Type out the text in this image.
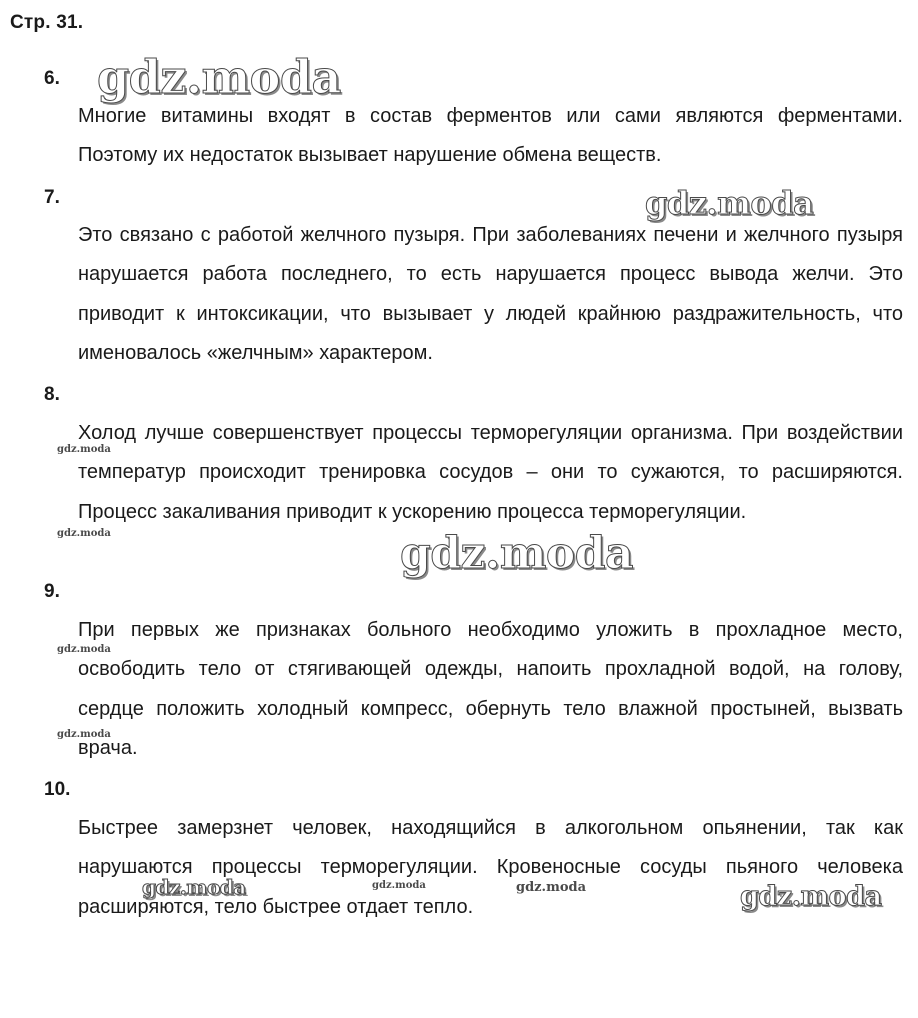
Стр. 31.
6.
Многие витамины входят в состав ферментов или сами являются ферментами. Поэтому их недостаток вызывает нарушение обмена веществ.
7.
Это связано с работой желчного пузыря. При заболеваниях печени и желчного пузыря нарушается работа последнего, то есть нарушается процесс вывода желчи. Это приводит к интоксикации, что вызывает у людей крайнюю раздражительность, что именовалось «желчным» характером.
8.
Холод лучше совершенствует процессы терморегуляции организма. При воздействии температур происходит тренировка сосудов – они то сужаются, то расширяются. Процесс закаливания приводит к ускорению процесса терморегуляции.
9.
При первых же признаках больного необходимо уложить в прохладное место, освободить тело от стягивающей одежды, напоить прохладной водой, на голову, сердце положить холодный компресс, обернуть тело влажной простыней, вызвать врача.
10.
Быстрее замерзнет человек, находящийся в алкогольном опьянении, так как нарушаются процессы терморегуляции. Кровеносные сосуды пьяного человека расширяются, тело быстрее отдает тепло.
gdz.moda
gdz.moda
gdz.moda
gdz.moda
gdz.moda
gdz.moda
gdz.moda
gdz.moda
gdz.moda
gdz.moda	gdz.moda
